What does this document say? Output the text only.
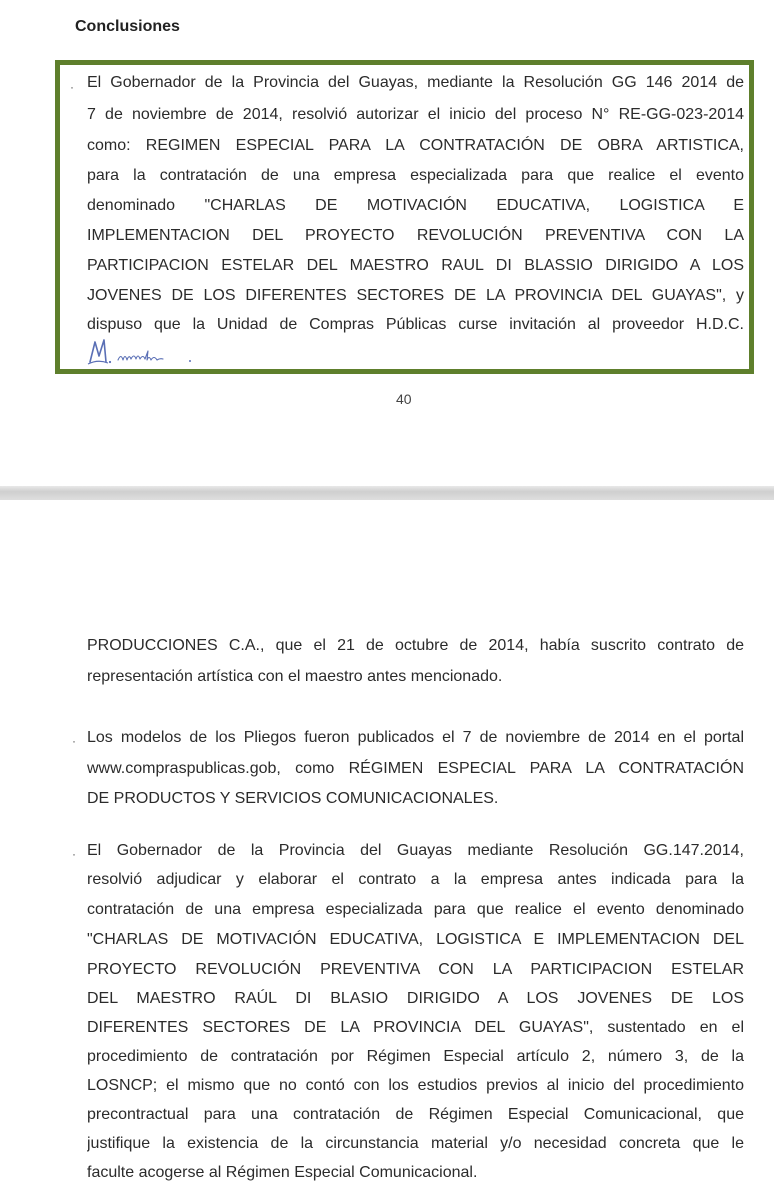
Conclusiones
· El Gobernador de la Provincia del Guayas, mediante la Resolución GG 146 2014 de
7 de noviembre de 2014, resolvió autorizar el inicio del proceso N° RE-GG-023-2014
como: REGIMEN ESPECIAL PARA LA CONTRATACIÓN DE OBRA ARTISTICA,
para la contratación de una empresa especializada para que realice el evento
denominado "CHARLAS DE MOTIVACIÓN EDUCATIVA, LOGISTICA E
IMPLEMENTACION DEL PROYECTO REVOLUCIÓN PREVENTIVA CON LA
PARTICIPACION ESTELAR DEL MAESTRO RAUL DI BLASSIO DIRIGIDO A LOS
JOVENES DE LOS DIFERENTES SECTORES DE LA PROVINCIA DEL GUAYAS", y
dispuso que la Unidad de Compras Públicas curse invitación al proveedor H.D.C.
40
PRODUCCIONES C.A., que el 21 de octubre de 2014, había suscrito contrato de
representación artística con el maestro antes mencionado.
· Los modelos de los Pliegos fueron publicados el 7 de noviembre de 2014 en el portal
www.compraspublicas.gob, como RÉGIMEN ESPECIAL PARA LA CONTRATACIÓN
DE PRODUCTOS Y SERVICIOS COMUNICACIONALES.
· El Gobernador de la Provincia del Guayas mediante Resolución GG.147.2014,
resolvió adjudicar y elaborar el contrato a la empresa antes indicada para la
contratación de una empresa especializada para que realice el evento denominado
"CHARLAS DE MOTIVACIÓN EDUCATIVA, LOGISTICA E IMPLEMENTACION DEL
PROYECTO REVOLUCIÓN PREVENTIVA CON LA PARTICIPACION ESTELAR
DEL MAESTRO RAÚL DI BLASIO DIRIGIDO A LOS JOVENES DE LOS
DIFERENTES SECTORES DE LA PROVINCIA DEL GUAYAS", sustentado en el
procedimiento de contratación por Régimen Especial artículo 2, número 3, de la
LOSNCP; el mismo que no contó con los estudios previos al inicio del procedimiento
precontractual para una contratación de Régimen Especial Comunicacional, que
justifique la existencia de la circunstancia material y/o necesidad concreta que le
faculte acogerse al Régimen Especial Comunicacional.
